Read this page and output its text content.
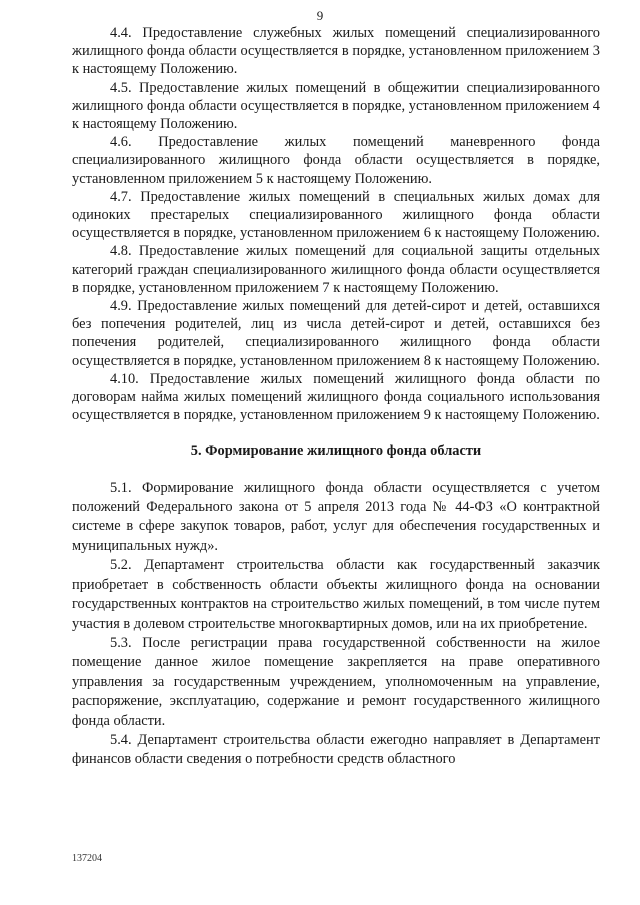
9

4.4. Предоставление служебных жилых помещений специализированного жилищного фонда области осуществляется в порядке, установленном приложением 3 к настоящему Положению.

4.5. Предоставление жилых помещений в общежитии специализированного жилищного фонда области осуществляется в порядке, установленном приложением 4 к настоящему Положению.

4.6. Предоставление жилых помещений маневренного фонда специализированного жилищного фонда области осуществляется в порядке, установленном приложением 5 к настоящему Положению.

4.7. Предоставление жилых помещений в специальных жилых домах для одиноких престарелых специализированного жилищного фонда области осуществляется в порядке, установленном приложением 6 к настоящему Положению.

4.8. Предоставление жилых помещений для социальной защиты отдельных категорий граждан специализированного жилищного фонда области осуществляется в порядке, установленном приложением 7 к настоящему Положению.

4.9. Предоставление жилых помещений для детей-сирот и детей, оставшихся без попечения родителей, лиц из числа детей-сирот и детей, оставшихся без попечения родителей, специализированного жилищного фонда области осуществляется в порядке, установленном приложением 8 к настоящему Положению.

4.10. Предоставление жилых помещений жилищного фонда области по договорам найма жилых помещений жилищного фонда социального использования осуществляется в порядке, установленном приложением 9 к настоящему Положению.

5. Формирование жилищного фонда области

5.1. Формирование жилищного фонда области осуществляется с учетом положений Федерального закона от 5 апреля 2013 года № 44-ФЗ «О контрактной системе в сфере закупок товаров, работ, услуг для обеспечения государственных и муниципальных нужд».

5.2. Департамент строительства области как государственный заказчик приобретает в собственность области объекты жилищного фонда на основании государственных контрактов на строительство жилых помещений, в том числе путем участия в долевом строительстве многоквартирных домов, или на их приобретение.

5.3. После регистрации права государственной собственности на жилое помещение данное жилое помещение закрепляется на праве оперативного управления за государственным учреждением, уполномоченным на управление, распоряжение, эксплуатацию, содержание и ремонт государственного жилищного фонда области.

5.4. Департамент строительства области ежегодно направляет в Департамент финансов области сведения о потребности средств областного

137204
